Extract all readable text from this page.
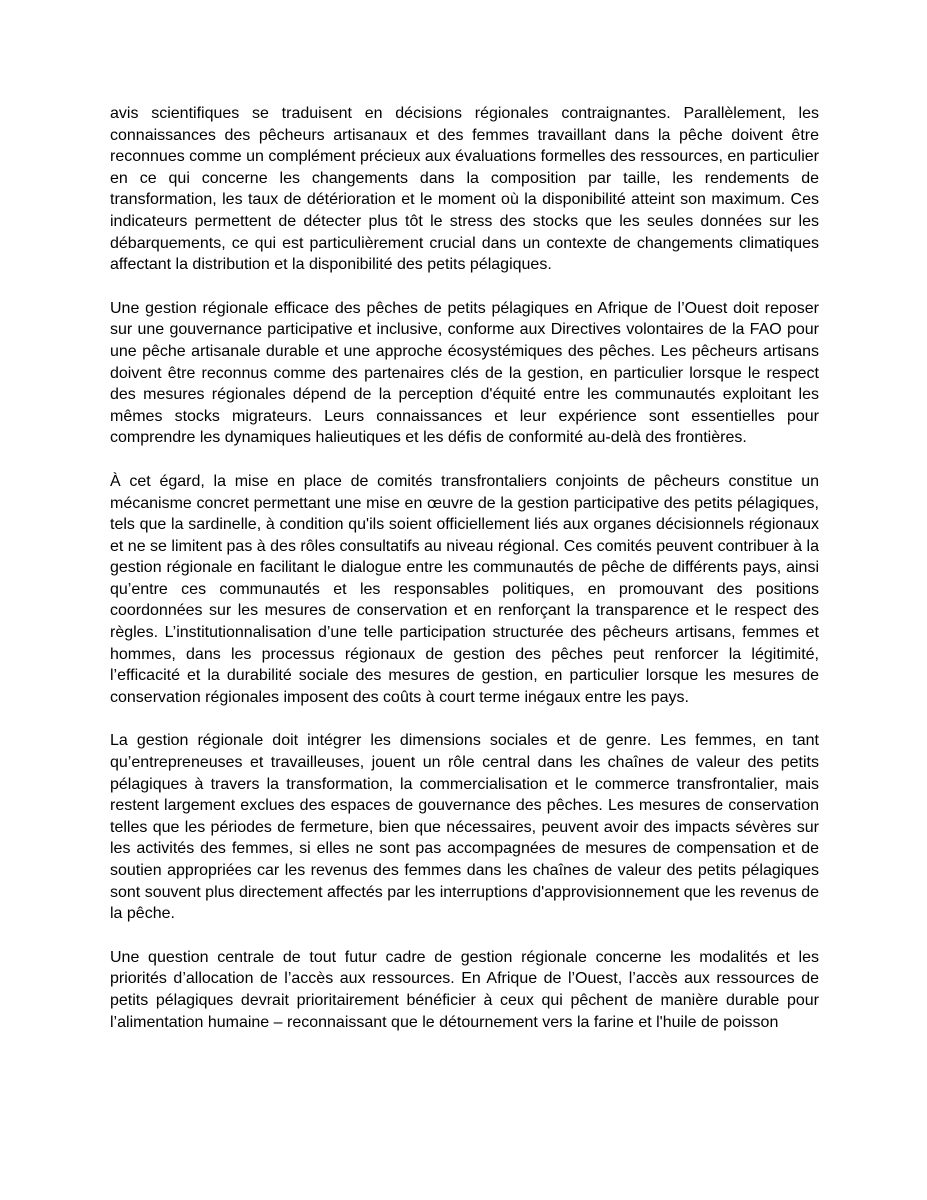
avis scientifiques se traduisent en décisions régionales contraignantes. Parallèlement, les connaissances des pêcheurs artisanaux et des femmes travaillant dans la pêche doivent être reconnues comme un complément précieux aux évaluations formelles des ressources, en particulier en ce qui concerne les changements dans la composition par taille, les rendements de transformation, les taux de détérioration et le moment où la disponibilité atteint son maximum. Ces indicateurs permettent de détecter plus tôt le stress des stocks que les seules données sur les débarquements, ce qui est particulièrement crucial dans un contexte de changements climatiques affectant la distribution et la disponibilité des petits pélagiques.

Une gestion régionale efficace des pêches de petits pélagiques en Afrique de l’Ouest doit reposer sur une gouvernance participative et inclusive, conforme aux Directives volontaires de la FAO pour une pêche artisanale durable et une approche écosystémiques des pêches. Les pêcheurs artisans doivent être reconnus comme des partenaires clés de la gestion, en particulier lorsque le respect des mesures régionales dépend de la perception d'équité entre les communautés exploitant les mêmes stocks migrateurs. Leurs connaissances et leur expérience sont essentielles pour comprendre les dynamiques halieutiques et les défis de conformité au-delà des frontières.

À cet égard, la mise en place de comités transfrontaliers conjoints de pêcheurs constitue un mécanisme concret permettant une mise en œuvre de la gestion participative des petits pélagiques, tels que la sardinelle, à condition qu'ils soient officiellement liés aux organes décisionnels régionaux et ne se limitent pas à des rôles consultatifs au niveau régional. Ces comités peuvent contribuer à la gestion régionale en facilitant le dialogue entre les communautés de pêche de différents pays, ainsi qu’entre ces communautés et les responsables politiques, en promouvant des positions coordonnées sur les mesures de conservation et en renforçant la transparence et le respect des règles. L’institutionnalisation d’une telle participation structurée des pêcheurs artisans, femmes et hommes, dans les processus régionaux de gestion des pêches peut renforcer la légitimité, l’efficacité et la durabilité sociale des mesures de gestion, en particulier lorsque les mesures de conservation régionales imposent des coûts à court terme inégaux entre les pays.

La gestion régionale doit intégrer les dimensions sociales et de genre. Les femmes, en tant qu’entrepreneuses et travailleuses, jouent un rôle central dans les chaînes de valeur des petits pélagiques à travers la transformation, la commercialisation et le commerce transfrontalier, mais restent largement exclues des espaces de gouvernance des pêches. Les mesures de conservation telles que les périodes de fermeture, bien que nécessaires, peuvent avoir des impacts sévères sur les activités des femmes, si elles ne sont pas accompagnées de mesures de compensation et de soutien appropriées car les revenus des femmes dans les chaînes de valeur des petits pélagiques sont souvent plus directement affectés par les interruptions d'approvisionnement que les revenus de la pêche.

Une question centrale de tout futur cadre de gestion régionale concerne les modalités et les priorités d’allocation de l’accès aux ressources. En Afrique de l’Ouest, l’accès aux ressources de petits pélagiques devrait prioritairement bénéficier à ceux qui pêchent de manière durable pour l’alimentation humaine – reconnaissant que le détournement vers la farine et l'huile de poisson
